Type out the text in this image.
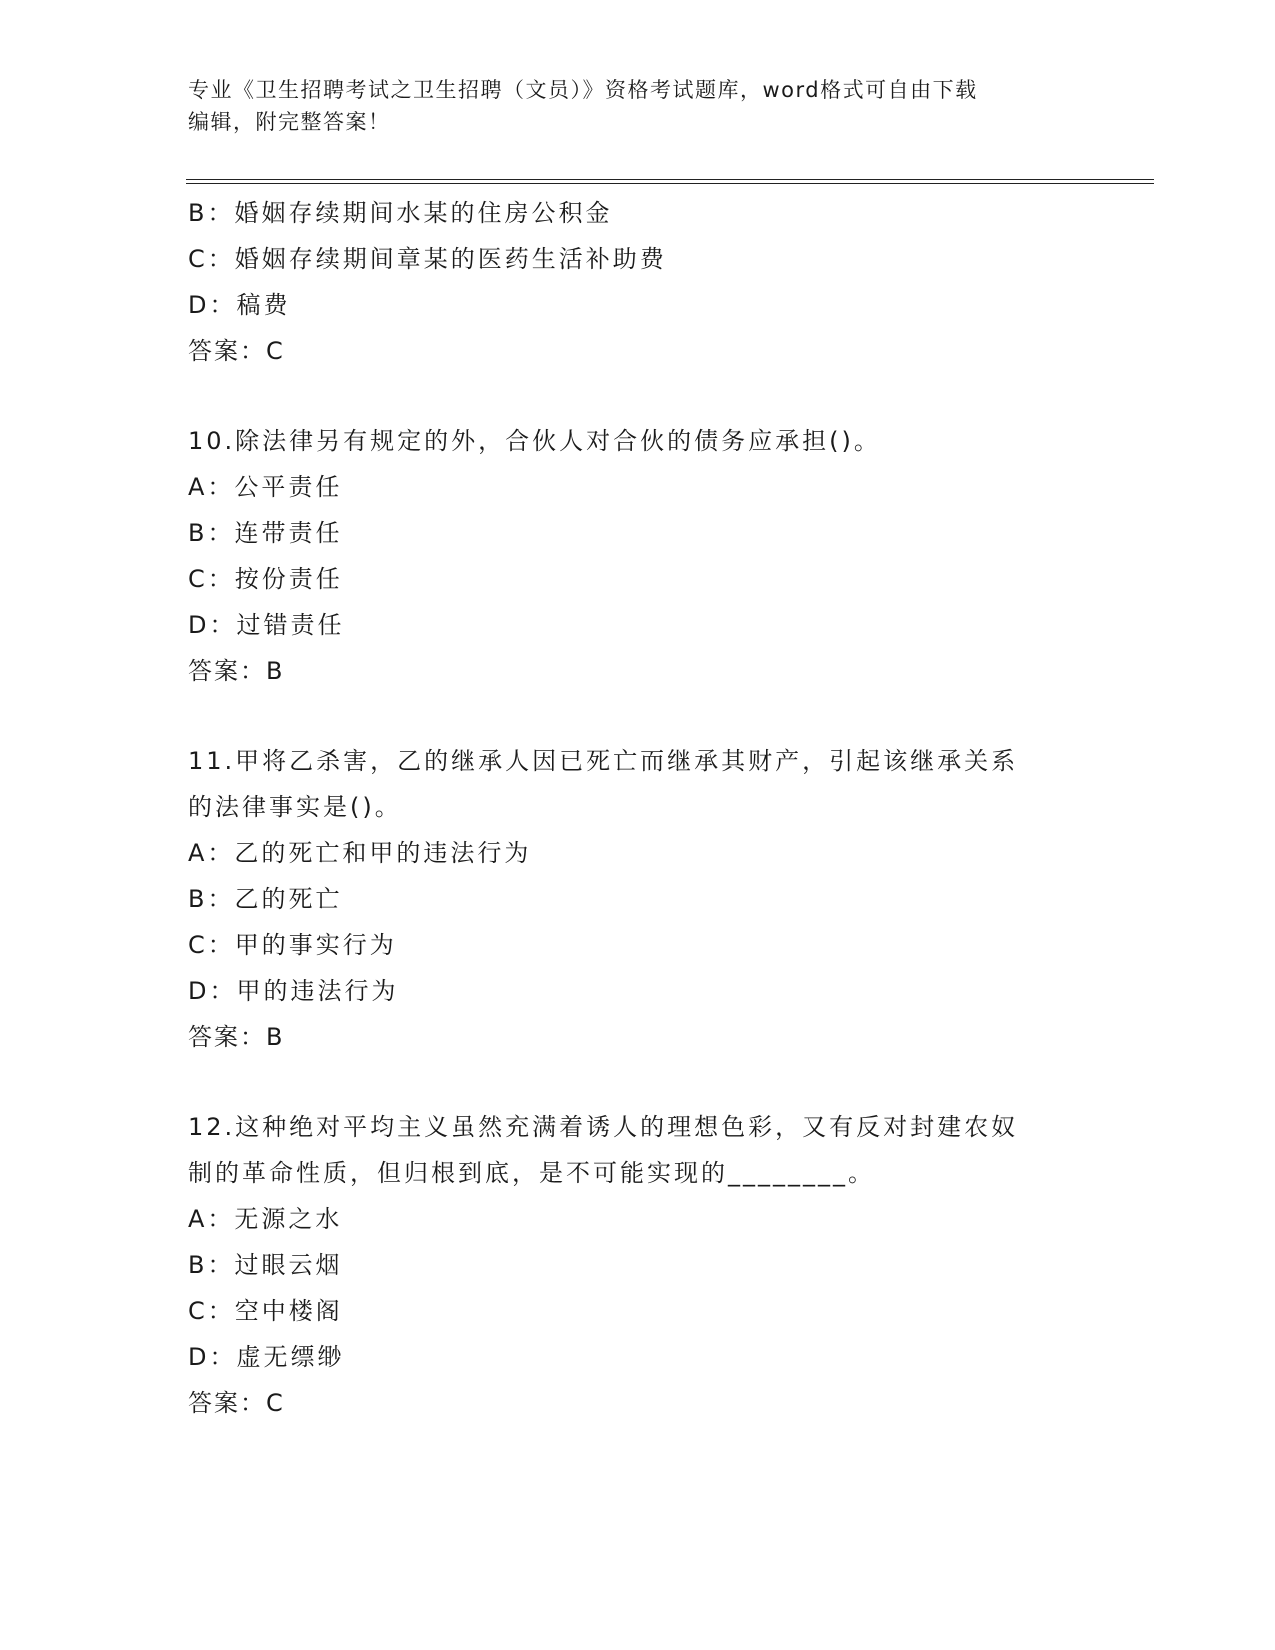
专业《卫生招聘考试之卫生招聘（文员）》资格考试题库，word格式可自由下载
编辑，附完整答案！
B：婚姻存续期间水某的住房公积金
C：婚姻存续期间章某的医药生活补助费
D：稿费
答案：C
10.除法律另有规定的外，合伙人对合伙的债务应承担()。
A：公平责任
B：连带责任
C：按份责任
D：过错责任
答案：B
11.甲将乙杀害，乙的继承人因已死亡而继承其财产，引起该继承关系
的法律事实是()。
A：乙的死亡和甲的违法行为
B：乙的死亡
C：甲的事实行为
D：甲的违法行为
答案：B
12.这种绝对平均主义虽然充满着诱人的理想色彩，又有反对封建农奴
制的革命性质，但归根到底，是不可能实现的________。
A：无源之水
B：过眼云烟
C：空中楼阁
D：虚无缥缈
答案：C
